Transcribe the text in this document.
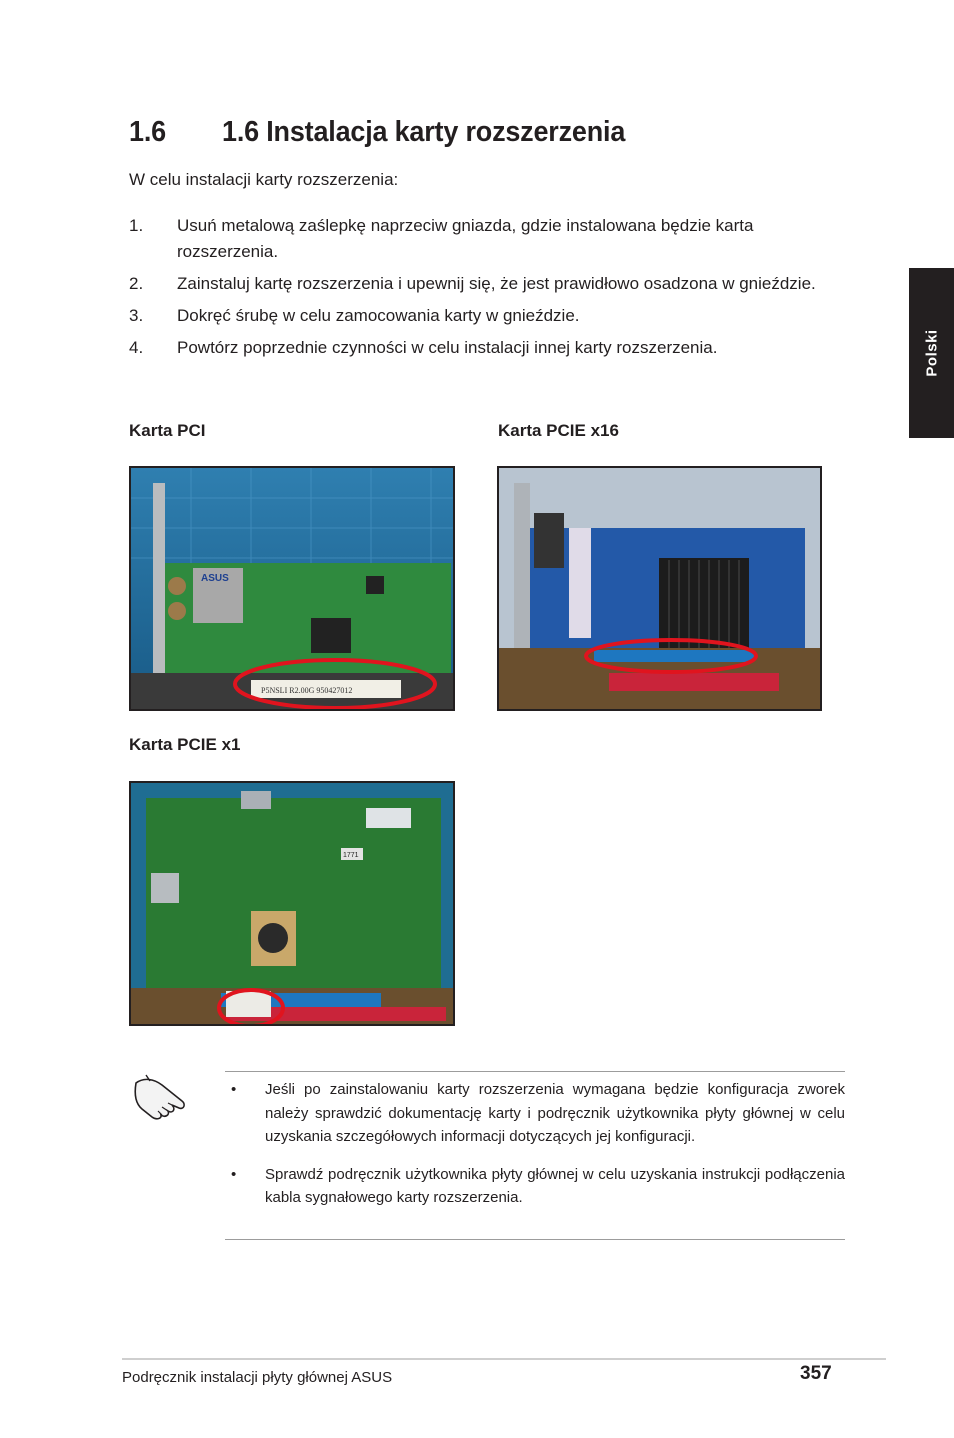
1.6 1.6 Instalacja karty rozszerzenia
W celu instalacji karty rozszerzenia:
1. Usuń metalową zaślepkę naprzeciw gniazda, gdzie instalowana będzie karta rozszerzenia.
2. Zainstaluj kartę rozszerzenia i upewnij się, że jest prawidłowo osadzona w gnieździe.
3. Dokręć śrubę w celu zamocowania karty w gnieździe.
4. Powtórz poprzednie czynności w celu instalacji innej karty rozszerzenia.	Polski
Karta PCI	Karta PCIE x16
Karta PCIE x1
ASUS
P5NSLI R2.00G 950427012
1771
• Jeśli po zainstalowaniu karty rozszerzenia wymagana będzie konfiguracja zworek należy sprawdzić dokumentację karty i podręcznik użytkownika płyty głównej w celu uzyskania szczegółowych informacji dotyczących jej konfiguracji.
• Sprawdź podręcznik użytkownika płyty głównej w celu uzyskania instrukcji podłączenia kabla sygnałowego karty rozszerzenia.
Podręcznik instalacji płyty głównej ASUS	357
